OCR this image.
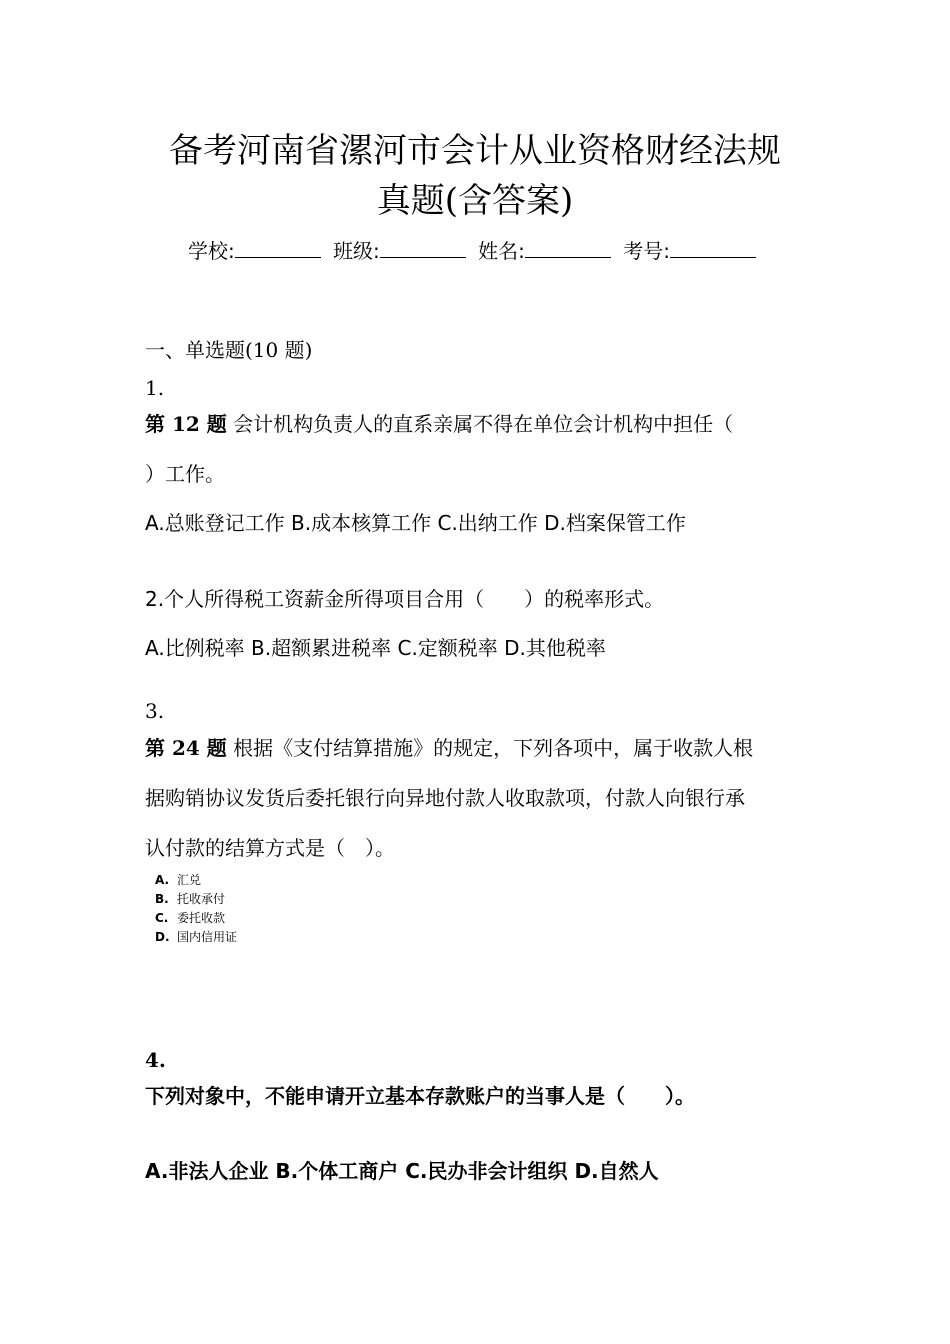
备考河南省漯河市会计从业资格财经法规
真题(含答案)
学校:	班级:	姓名:	考号:
一、单选题(10 题)
1.
第 12 题 会计机构负责人的直系亲属不得在单位会计机构中担任（
）工作。
A.总账登记工作 B.成本核算工作 C.出纳工作 D.档案保管工作
2.个人所得税工资薪金所得项目合用（　　）的税率形式。
A.比例税率 B.超额累进税率 C.定额税率 D.其他税率
3.
第 24 题 根据《支付结算措施》的规定，下列各项中，属于收款人根
据购销协议发货后委托银行向异地付款人收取款项，付款人向银行承
认付款的结算方式是（　）。
A. 汇兑
B. 托收承付
C. 委托收款
D. 国内信用证
4.
下列对象中，不能申请开立基本存款账户的当事人是（　　）。
A.非法人企业 B.个体工商户 C.民办非会计组织 D.自然人
